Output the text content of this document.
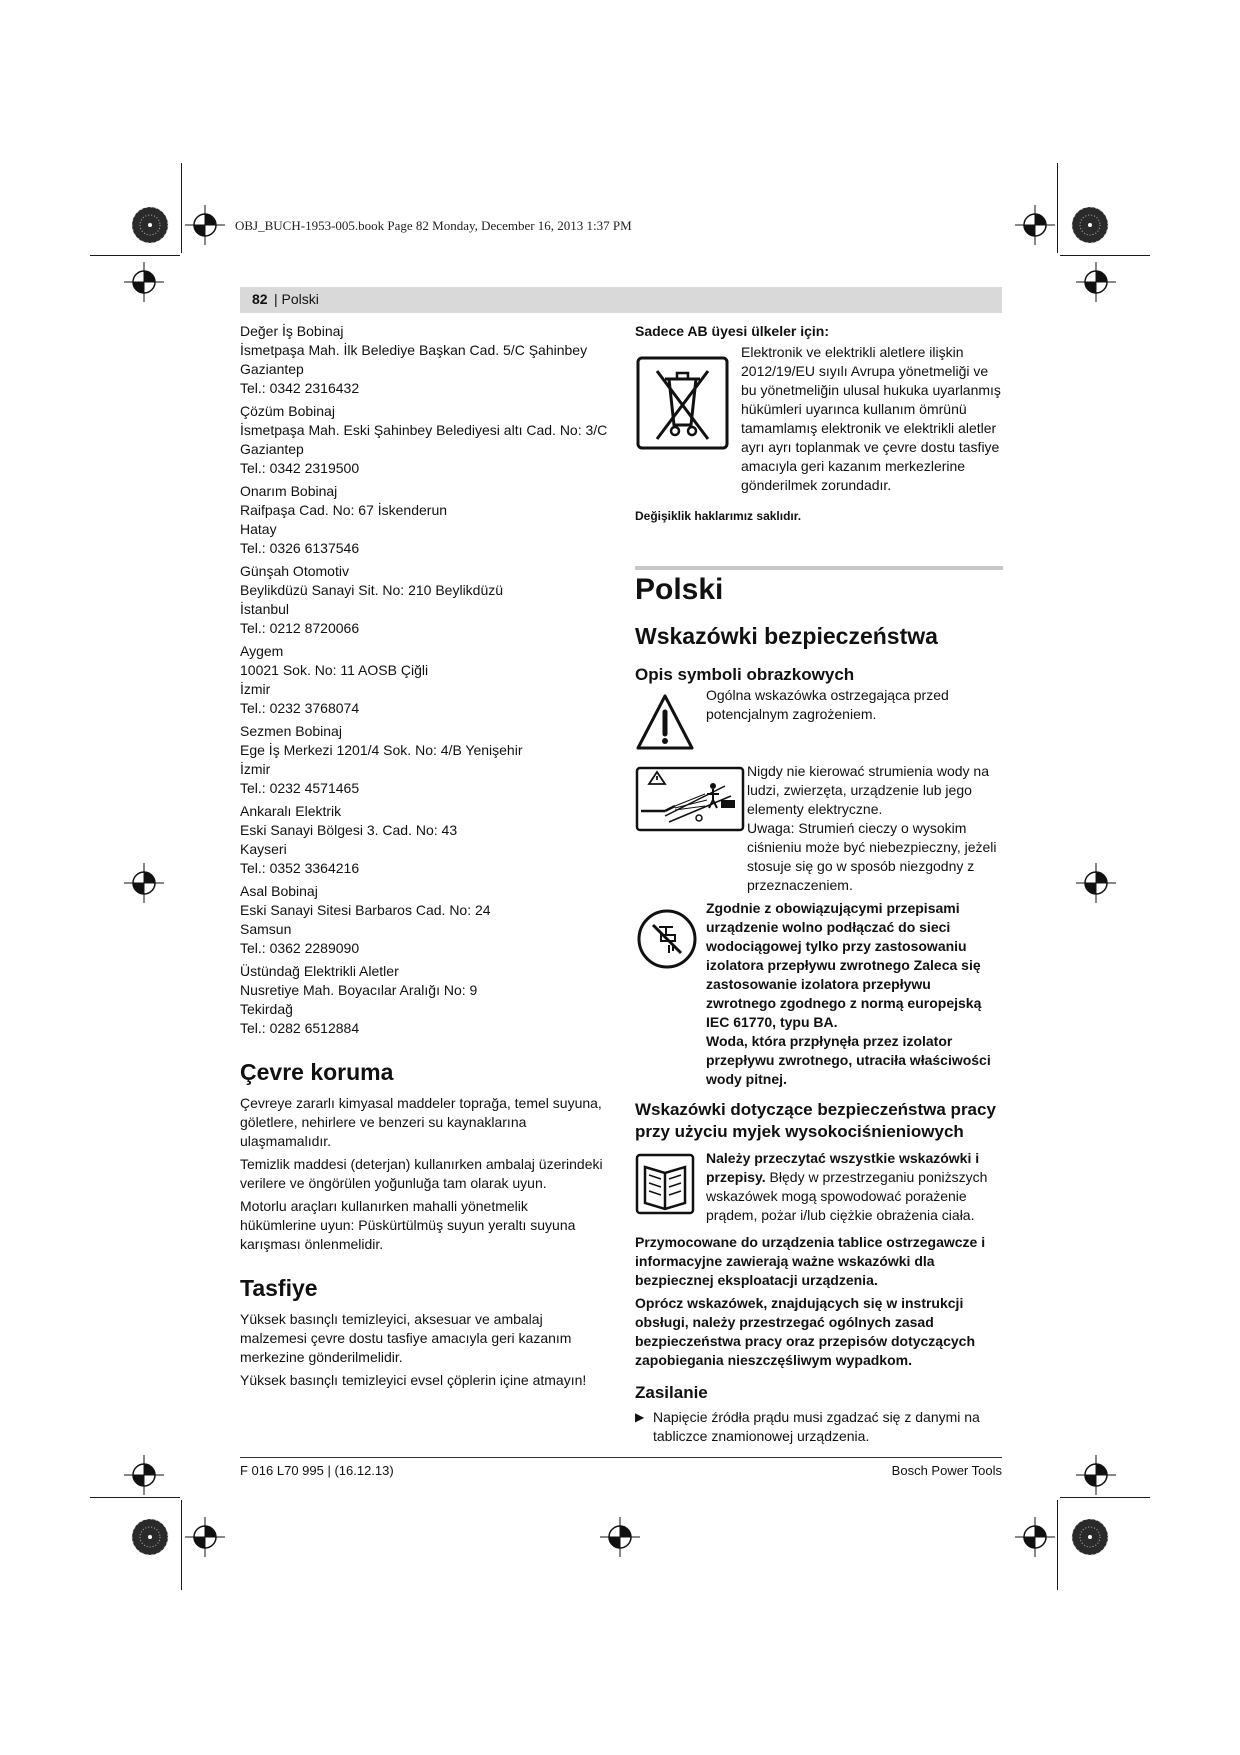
OBJ_BUCH-1953-005.book Page 82 Monday, December 16, 2013 1:37 PM
82 | Polski
Değer İş Bobinaj
İsmetpaşa Mah. İlk Belediye Başkan Cad. 5/C Şahinbey
Gaziantep
Tel.: 0342 2316432
Çözüm Bobinaj
İsmetpaşa Mah. Eski Şahinbey Belediyesi altı Cad. No: 3/C
Gaziantep
Tel.: 0342 2319500
Onarım Bobinaj
Raifpaşa Cad. No: 67 İskenderun
Hatay
Tel.: 0326 6137546
Günşah Otomotiv
Beylikdüzü Sanayi Sit. No: 210 Beylikdüzü
İstanbul
Tel.: 0212 8720066
Aygem
10021 Sok. No: 11 AOSB Çiğli
İzmir
Tel.: 0232 3768074
Sezmen Bobinaj
Ege İş Merkezi 1201/4 Sok. No: 4/B Yenişehir
İzmir
Tel.: 0232 4571465
Ankaralı Elektrik
Eski Sanayi Bölgesi 3. Cad. No: 43
Kayseri
Tel.: 0352 3364216
Asal Bobinaj
Eski Sanayi Sitesi Barbaros Cad. No: 24
Samsun
Tel.: 0362 2289090
Üstündağ Elektrikli Aletler
Nusretiye Mah. Boyacılar Aralığı No: 9
Tekirdağ
Tel.: 0282 6512884
Çevre koruma

Çevreye zararlı kimyasal maddeler toprağa, temel suyuna, göletlere, nehirlere ve benzeri su kaynaklarına ulaşmamalıdır.

Temizlik maddesi (deterjan) kullanırken ambalaj üzerindeki verilere ve öngörülen yoğunluğa tam olarak uyun.

Motorlu araçları kullanırken mahalli yönetmelik hükümlerine uyun: Püskürtülmüş suyun yeraltı suyuna karışması önlenmelidir.

Tasfiye

Yüksek basınçlı temizleyici, aksesuar ve ambalaj malzemesi çevre dostu tasfiye amacıyla geri kazanım merkezine gönderilmelidir.

Yüksek basınçlı temizleyici evsel çöplerin içine atmayın!

Sadece AB üyesi ülkeler için:
Elektronik ve elektrikli aletlere ilişkin 2012/19/EU sıyılı Avrupa yönetmeliği ve bu yönetmeliğin ulusal hukuka uyarlanmış hükümleri uyarınca kullanım ömrünü tamamlamış elektronik ve elektrikli aletler ayrı ayrı toplanmak ve çevre dostu tasfiye amacıyla geri kazanım merkezlerine gönderilmek zorundadır.
Değişiklik haklarımız saklıdır.
Polski
Wskazówki bezpieczeństwa
Opis symboli obrazkowych
Ogólna wskazówka ostrzegająca przed potencjalnym zagrożeniem.
Nigdy nie kierować strumienia wody na ludzi, zwierzęta, urządzenie lub jego elementy elektryczne.
Uwaga: Strumień cieczy o wysokim ciśnieniu może być niebezpieczny, jeżeli stosuje się go w sposób niezgodny z przeznaczeniem.
Zgodnie z obowiązującymi przepisami urządzenie wolno podłączać do sieci wodociągowej tylko przy zastosowaniu izolatora przepływu zwrotnego Zaleca się zastosowanie izolatora przepływu zwrotnego zgodnego z normą europejską IEC 61770, typu BA.
Woda, która przpłynęła przez izolator przepływu zwrotnego, utraciła właściwości wody pitnej.
Wskazówki dotyczące bezpieczeństwa pracy przy użyciu myjek wysokociśnieniowych
Należy przeczytać wszystkie wskazówki i przepisy. Błędy w przestrzeganiu poniższych wskazówek mogą spowodować porażenie prądem, pożar i/lub ciężkie obrażenia ciała.

Przymocowane do urządzenia tablice ostrzegawcze i informacyjne zawierają ważne wskazówki dla bezpiecznej eksploatacji urządzenia.

Oprócz wskazówek, znajdujących się w instrukcji obsługi, należy przestrzegać ogólnych zasad bezpieczeństwa pracy oraz przepisów dotyczących zapobiegania nieszczęśliwym wypadkom.

Zasilanie
▶ Napięcie źródła prądu musi zgadzać się z danymi na tabliczce znamionowej urządzenia.
F 016 L70 995 | (16.12.13)	Bosch Power Tools
